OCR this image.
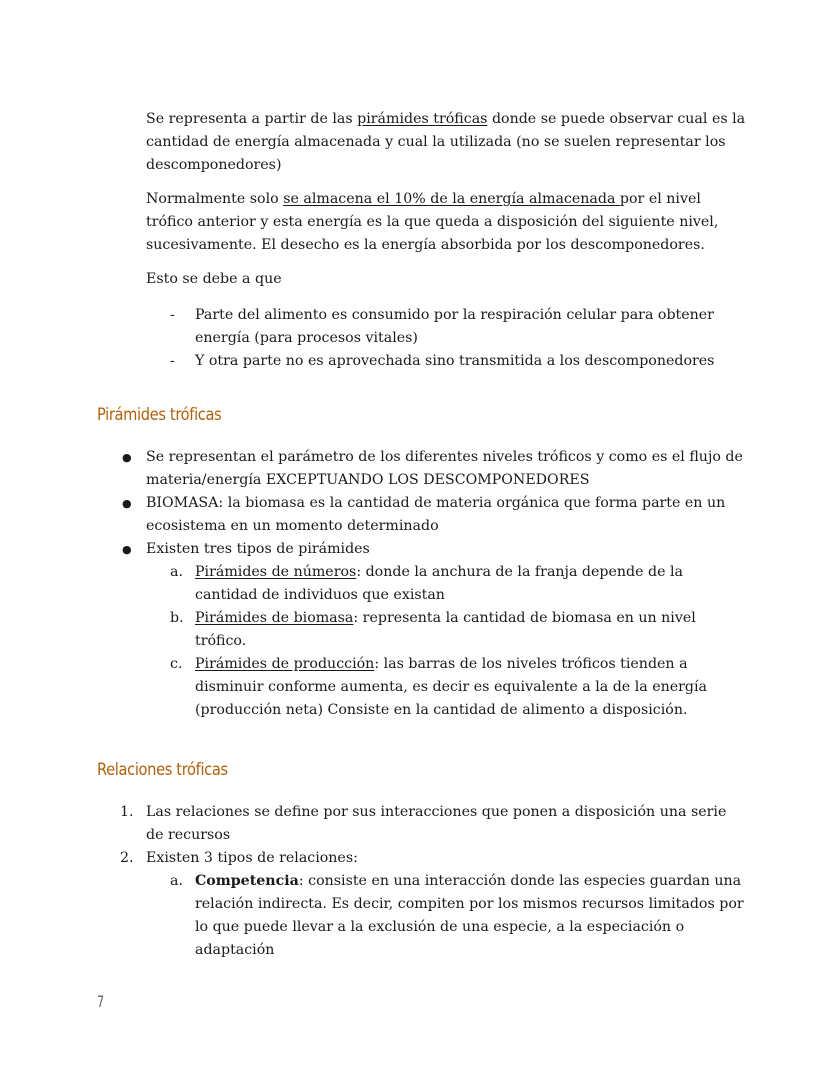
Se representa a partir de las pirámides tróficas donde se puede observar cual es la cantidad de energía almacenada y cual la utilizada (no se suelen representar los descomponedores)

Normalmente solo se almacena el 10% de la energía almacenada por el nivel trófico anterior y esta energía es la que queda a disposición del siguiente nivel, sucesivamente. El desecho es la energía absorbida por los descomponedores.

Esto se debe a que

- Parte del alimento es consumido por la respiración celular para obtener energía (para procesos vitales)
- Y otra parte no es aprovechada sino transmitida a los descomponedores
Pirámides tróficas
● Se representan el parámetro de los diferentes niveles tróficos y como es el flujo de materia/energía EXCEPTUANDO LOS DESCOMPONEDORES
● BIOMASA: la biomasa es la cantidad de materia orgánica que forma parte en un ecosistema en un momento determinado
● Existen tres tipos de pirámides
a. Pirámides de números: donde la anchura de la franja depende de la cantidad de individuos que existan
b. Pirámides de biomasa: representa la cantidad de biomasa en un nivel trófico.
c. Pirámides de producción: las barras de los niveles tróficos tienden a disminuir conforme aumenta, es decir es equivalente a la de la energía (producción neta) Consiste en la cantidad de alimento a disposición.
Relaciones tróficas
1. Las relaciones se define por sus interacciones que ponen a disposición una serie de recursos
2. Existen 3 tipos de relaciones:
a. Competencia: consiste en una interacción donde las especies guardan una relación indirecta. Es decir, compiten por los mismos recursos limitados por lo que puede llevar a la exclusión de una especie, a la especiación o adaptación
7
